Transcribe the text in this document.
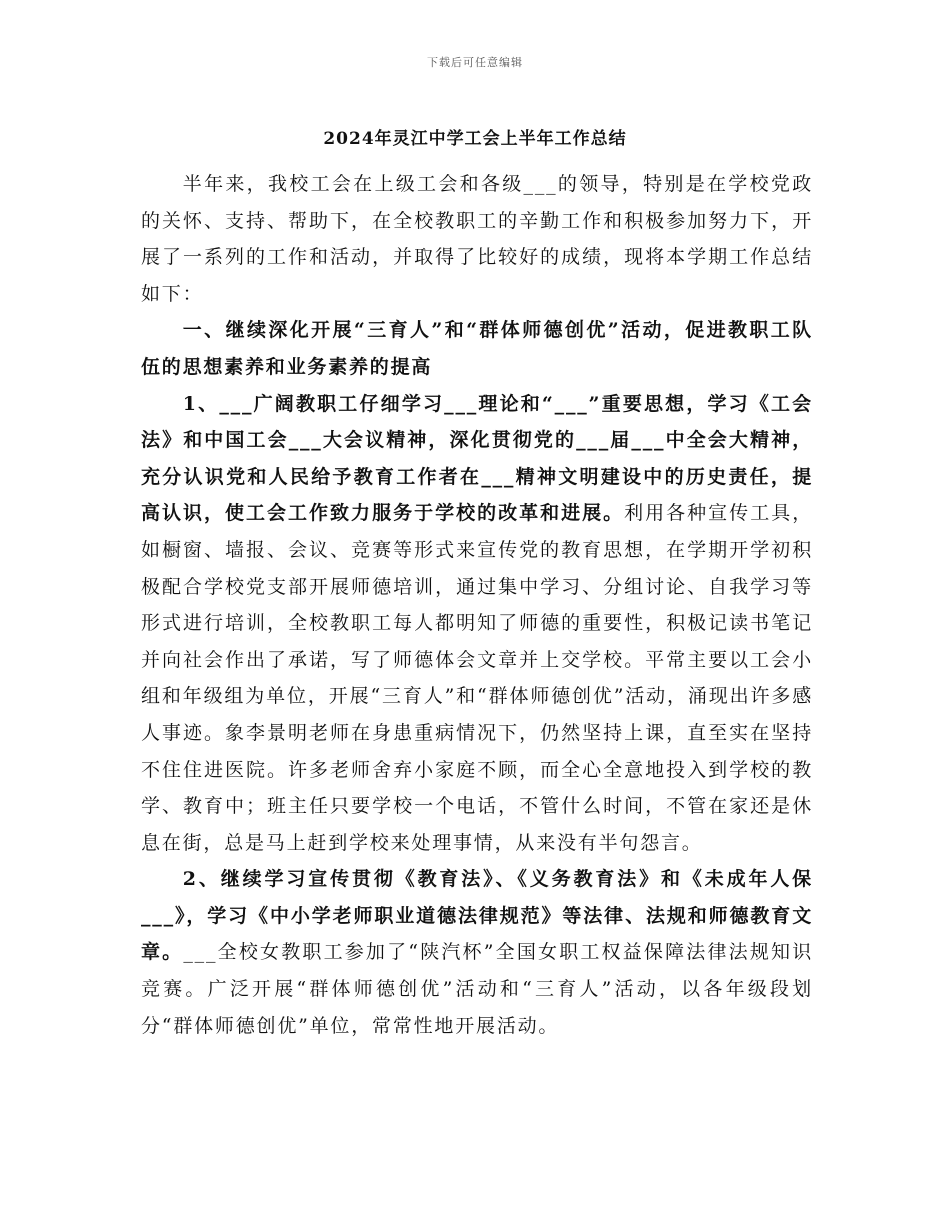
下载后可任意编辑
2024年灵江中学工会上半年工作总结

半年来，我校工会在上级工会和各级___的领导，特别是在学校党政的关怀、支持、帮助下，在全校教职工的辛勤工作和积极参加努力下，开展了一系列的工作和活动，并取得了比较好的成绩，现将本学期工作总结如下：

一、继续深化开展“三育人”和“群体师德创优”活动，促进教职工队伍的思想素养和业务素养的提高

1、___广阔教职工仔细学习___理论和“___”重要思想，学习《工会法》和中国工会___大会议精神，深化贯彻党的___届___中全会大精神，充分认识党和人民给予教育工作者在___精神文明建设中的历史责任，提高认识，使工会工作致力服务于学校的改革和进展。利用各种宣传工具，如橱窗、墙报、会议、竞赛等形式来宣传党的教育思想，在学期开学初积极配合学校党支部开展师德培训，通过集中学习、分组讨论、自我学习等形式进行培训，全校教职工每人都明知了师德的重要性，积极记读书笔记并向社会作出了承诺，写了师德体会文章并上交学校。平常主要以工会小组和年级组为单位，开展“三育人”和“群体师德创优”活动，涌现出许多感人事迹。象李景明老师在身患重病情况下，仍然坚持上课，直至实在坚持不住住进医院。许多老师舍弃小家庭不顾，而全心全意地投入到学校的教学、教育中；班主任只要学校一个电话，不管什么时间，不管在家还是休息在街，总是马上赶到学校来处理事情，从来没有半句怨言。

2、继续学习宣传贯彻《教育法》、《义务教育法》和《未成年人保___》，学习《中小学老师职业道德法律规范》等法律、法规和师德教育文章。___全校女教职工参加了“陕汽杯”全国女职工权益保障法律法规知识竞赛。广泛开展“群体师德创优”活动和“三育人”活动，以各年级段划分“群体师德创优”单位，常常性地开展活动。
